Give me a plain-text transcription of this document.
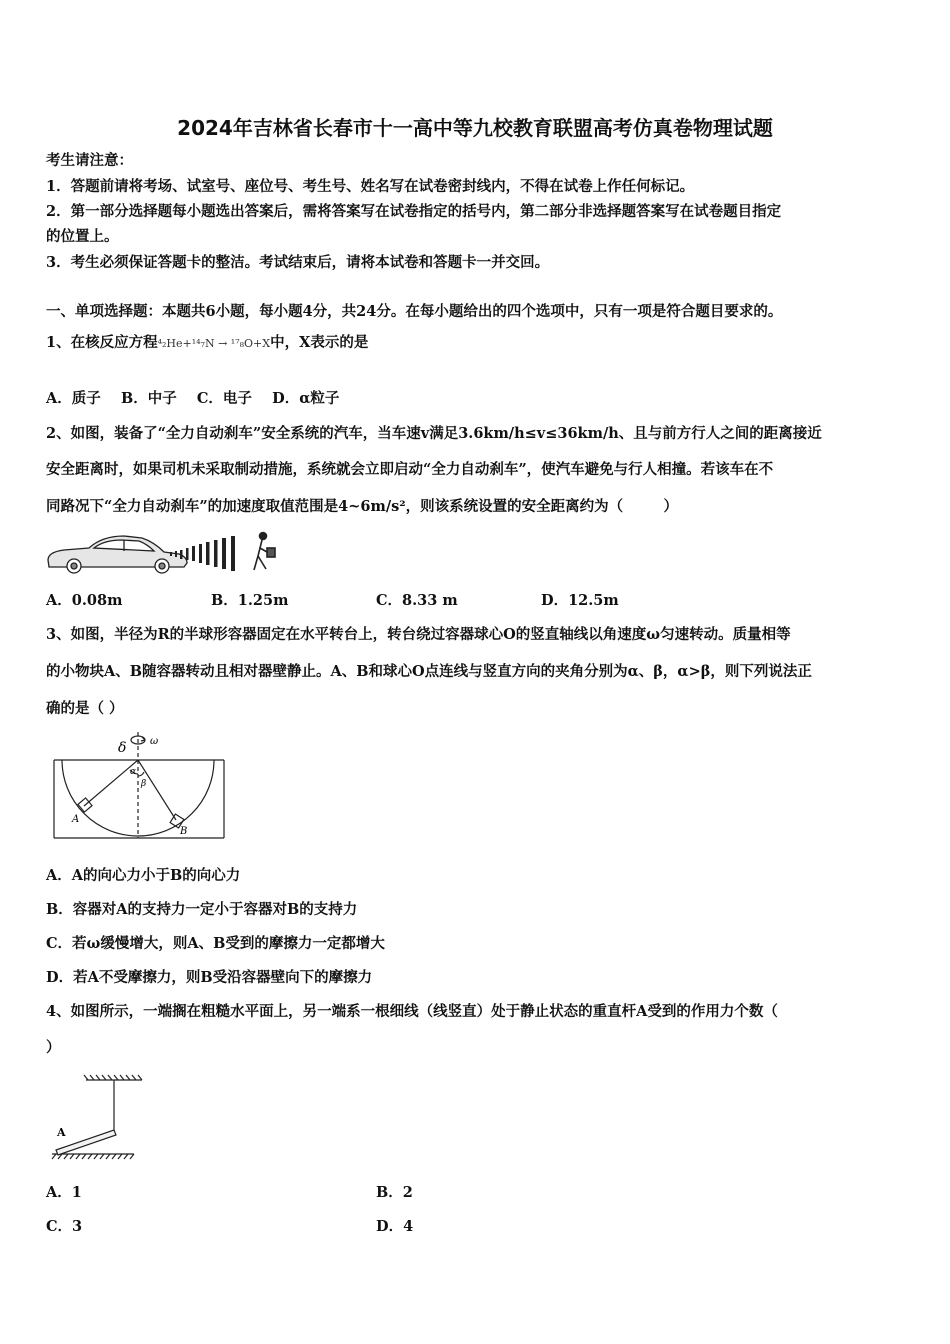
2024年吉林省长春市十一高中等九校教育联盟高考仿真卷物理试题
考生请注意：
1．答题前请将考场、试室号、座位号、考生号、姓名写在试卷密封线内，不得在试卷上作任何标记。
2．第一部分选择题每小题选出答案后，需将答案写在试卷指定的括号内，第二部分非选择题答案写在试卷题目指定
的位置上。
3．考生必须保证答题卡的整洁。考试结束后，请将本试卷和答题卡一并交回。
一、单项选择题：本题共6小题，每小题4分，共24分。在每小题给出的四个选项中，只有一项是符合题目要求的。
1、在核反应方程⁴₂He+¹⁴₇N → ¹⁷₈O+X中，X表示的是
A．质子    B．中子    C．电子    D．α粒子
2、如图，装备了“全力自动刹车”安全系统的汽车，当车速v满足3.6km/h≤v≤36km/h、且与前方行人之间的距离接近
安全距离时，如果司机未采取制动措施，系统就会立即启动“全力自动刹车”，使汽车避免与行人相撞。若该车在不
同路况下“全力自动刹车”的加速度取值范围是4~6m/s²，则该系统设置的安全距离约为（        ）
A．0.08m	B．1.25m	C．8.33 m	D．12.5m
3、如图，半径为R的半球形容器固定在水平转台上，转台绕过容器球心O的竖直轴线以角速度ω匀速转动。质量相等
的小物块A、B随容器转动且相对器壁静止。A、B和球心O点连线与竖直方向的夹角分别为α、β，α>β，则下列说法正
确的是（ ）
δ ω
α
β
A
B
A．A的向心力小于B的向心力
B．容器对A的支持力一定小于容器对B的支持力
C．若ω缓慢增大，则A、B受到的摩擦力一定都增大
D．若A不受摩擦力，则B受沿容器壁向下的摩擦力
4、如图所示，一端搁在粗糙水平面上，另一端系一根细线（线竖直）处于静止状态的重直杆A受到的作用力个数（
）
A
A．1	B．2
C．3	D．4
